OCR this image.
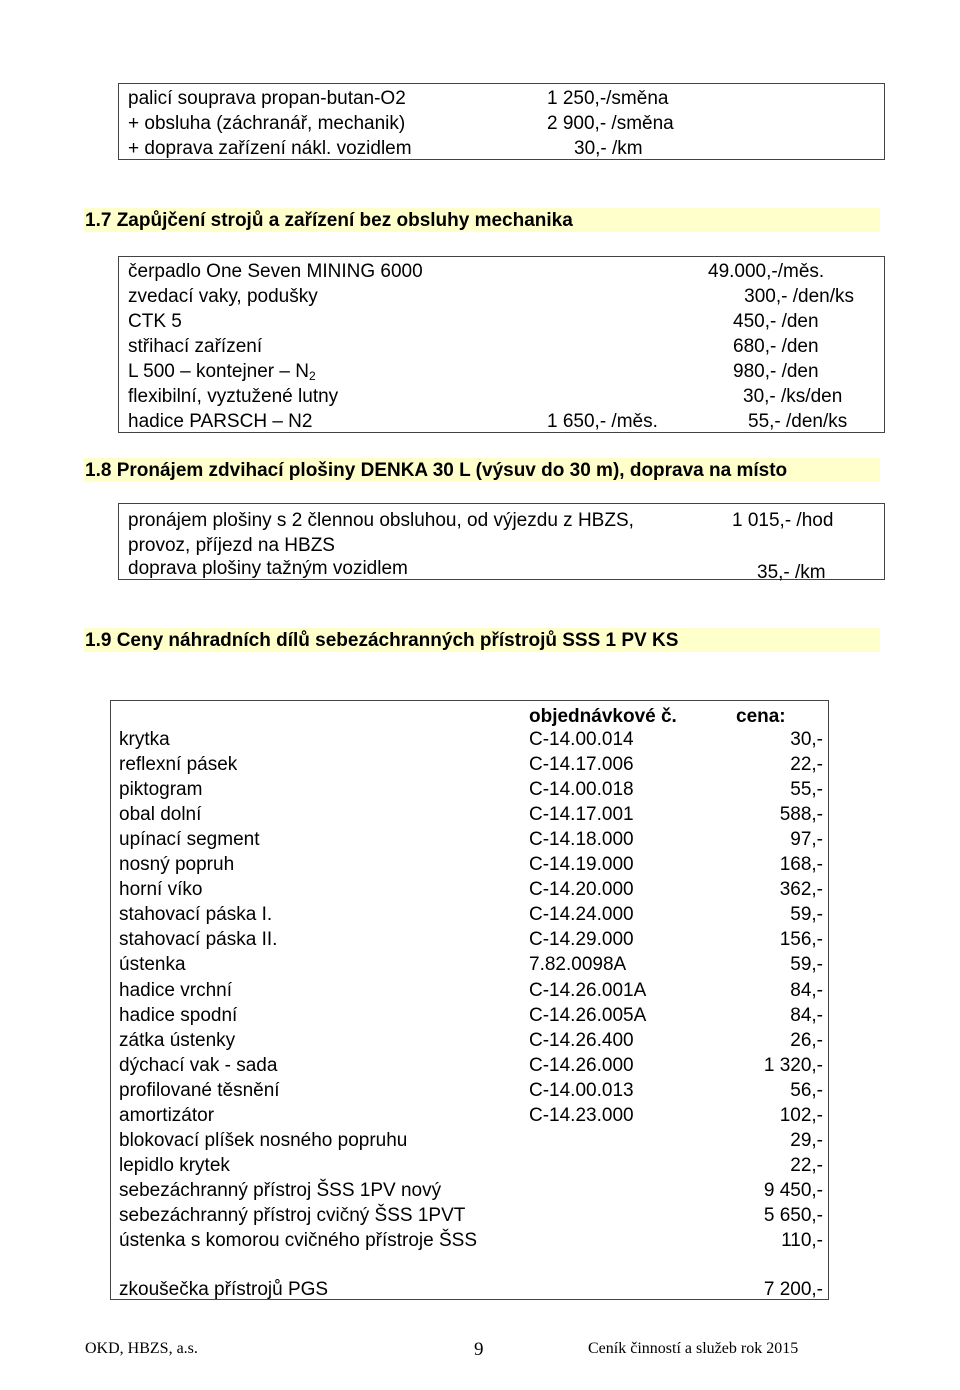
palicí souprava propan-butan-O2	1 250,-/směna
+ obsluha (záchranář, mechanik)	2 900,- /směna
+ doprava zařízení nákl. vozidlem	30,- /km
1.7 Zapůjčení strojů a zařízení bez obsluhy mechanika
čerpadlo One Seven MINING 6000	49.000,-/měs.
zvedací vaky, podušky	300,- /den/ks
CTK 5	450,- /den
střihací zařízení	680,- /den
L 500 – kontejner – $N_2$	980,- /den
flexibilní, vyztužené lutny	30,- /ks/den
hadice PARSCH – N2	1 650,- /měs.	55,- /den/ks
1.8 Pronájem zdvihací plošiny DENKA 30 L (výsuv do 30 m), doprava na místo
pronájem plošiny s 2 člennou obsluhou, od výjezdu z HBZS,	1 015,- /hod
provoz, příjezd na HBZS
doprava plošiny tažným vozidlem	35,- /km
1.9 Ceny náhradních dílů sebezáchranných přístrojů SSS 1 PV KS
objednávkové č.	cena:
krytka	C-14.00.014	30,-
reflexní pásek	C-14.17.006	22,-
piktogram	C-14.00.018	55,-
obal dolní	C-14.17.001	588,-
upínací segment	C-14.18.000	97,-
nosný popruh	C-14.19.000	168,-
horní víko	C-14.20.000	362,-
stahovací páska I.	C-14.24.000	59,-
stahovací páska II.	C-14.29.000	156,-
ústenka	7.82.0098A	59,-
hadice vrchní	C-14.26.001A	84,-
hadice spodní	C-14.26.005A	84,-
zátka ústenky	C-14.26.400	26,-
dýchací vak - sada	C-14.26.000	1 320,-
profilované těsnění	C-14.00.013	56,-
amortizátor	C-14.23.000	102,-
blokovací plíšek nosného popruhu	29,-
lepidlo krytek	22,-
sebezáchranný přístroj ŠSS 1PV nový	9 450,-
sebezáchranný přístroj cvičný ŠSS 1PVT	5 650,-
ústenka s komorou cvičného přístroje ŠSS	110,-
zkoušečka přístrojů PGS	7 200,-
OKD, HBZS, a.s.	9	Ceník činností a služeb rok 2015
